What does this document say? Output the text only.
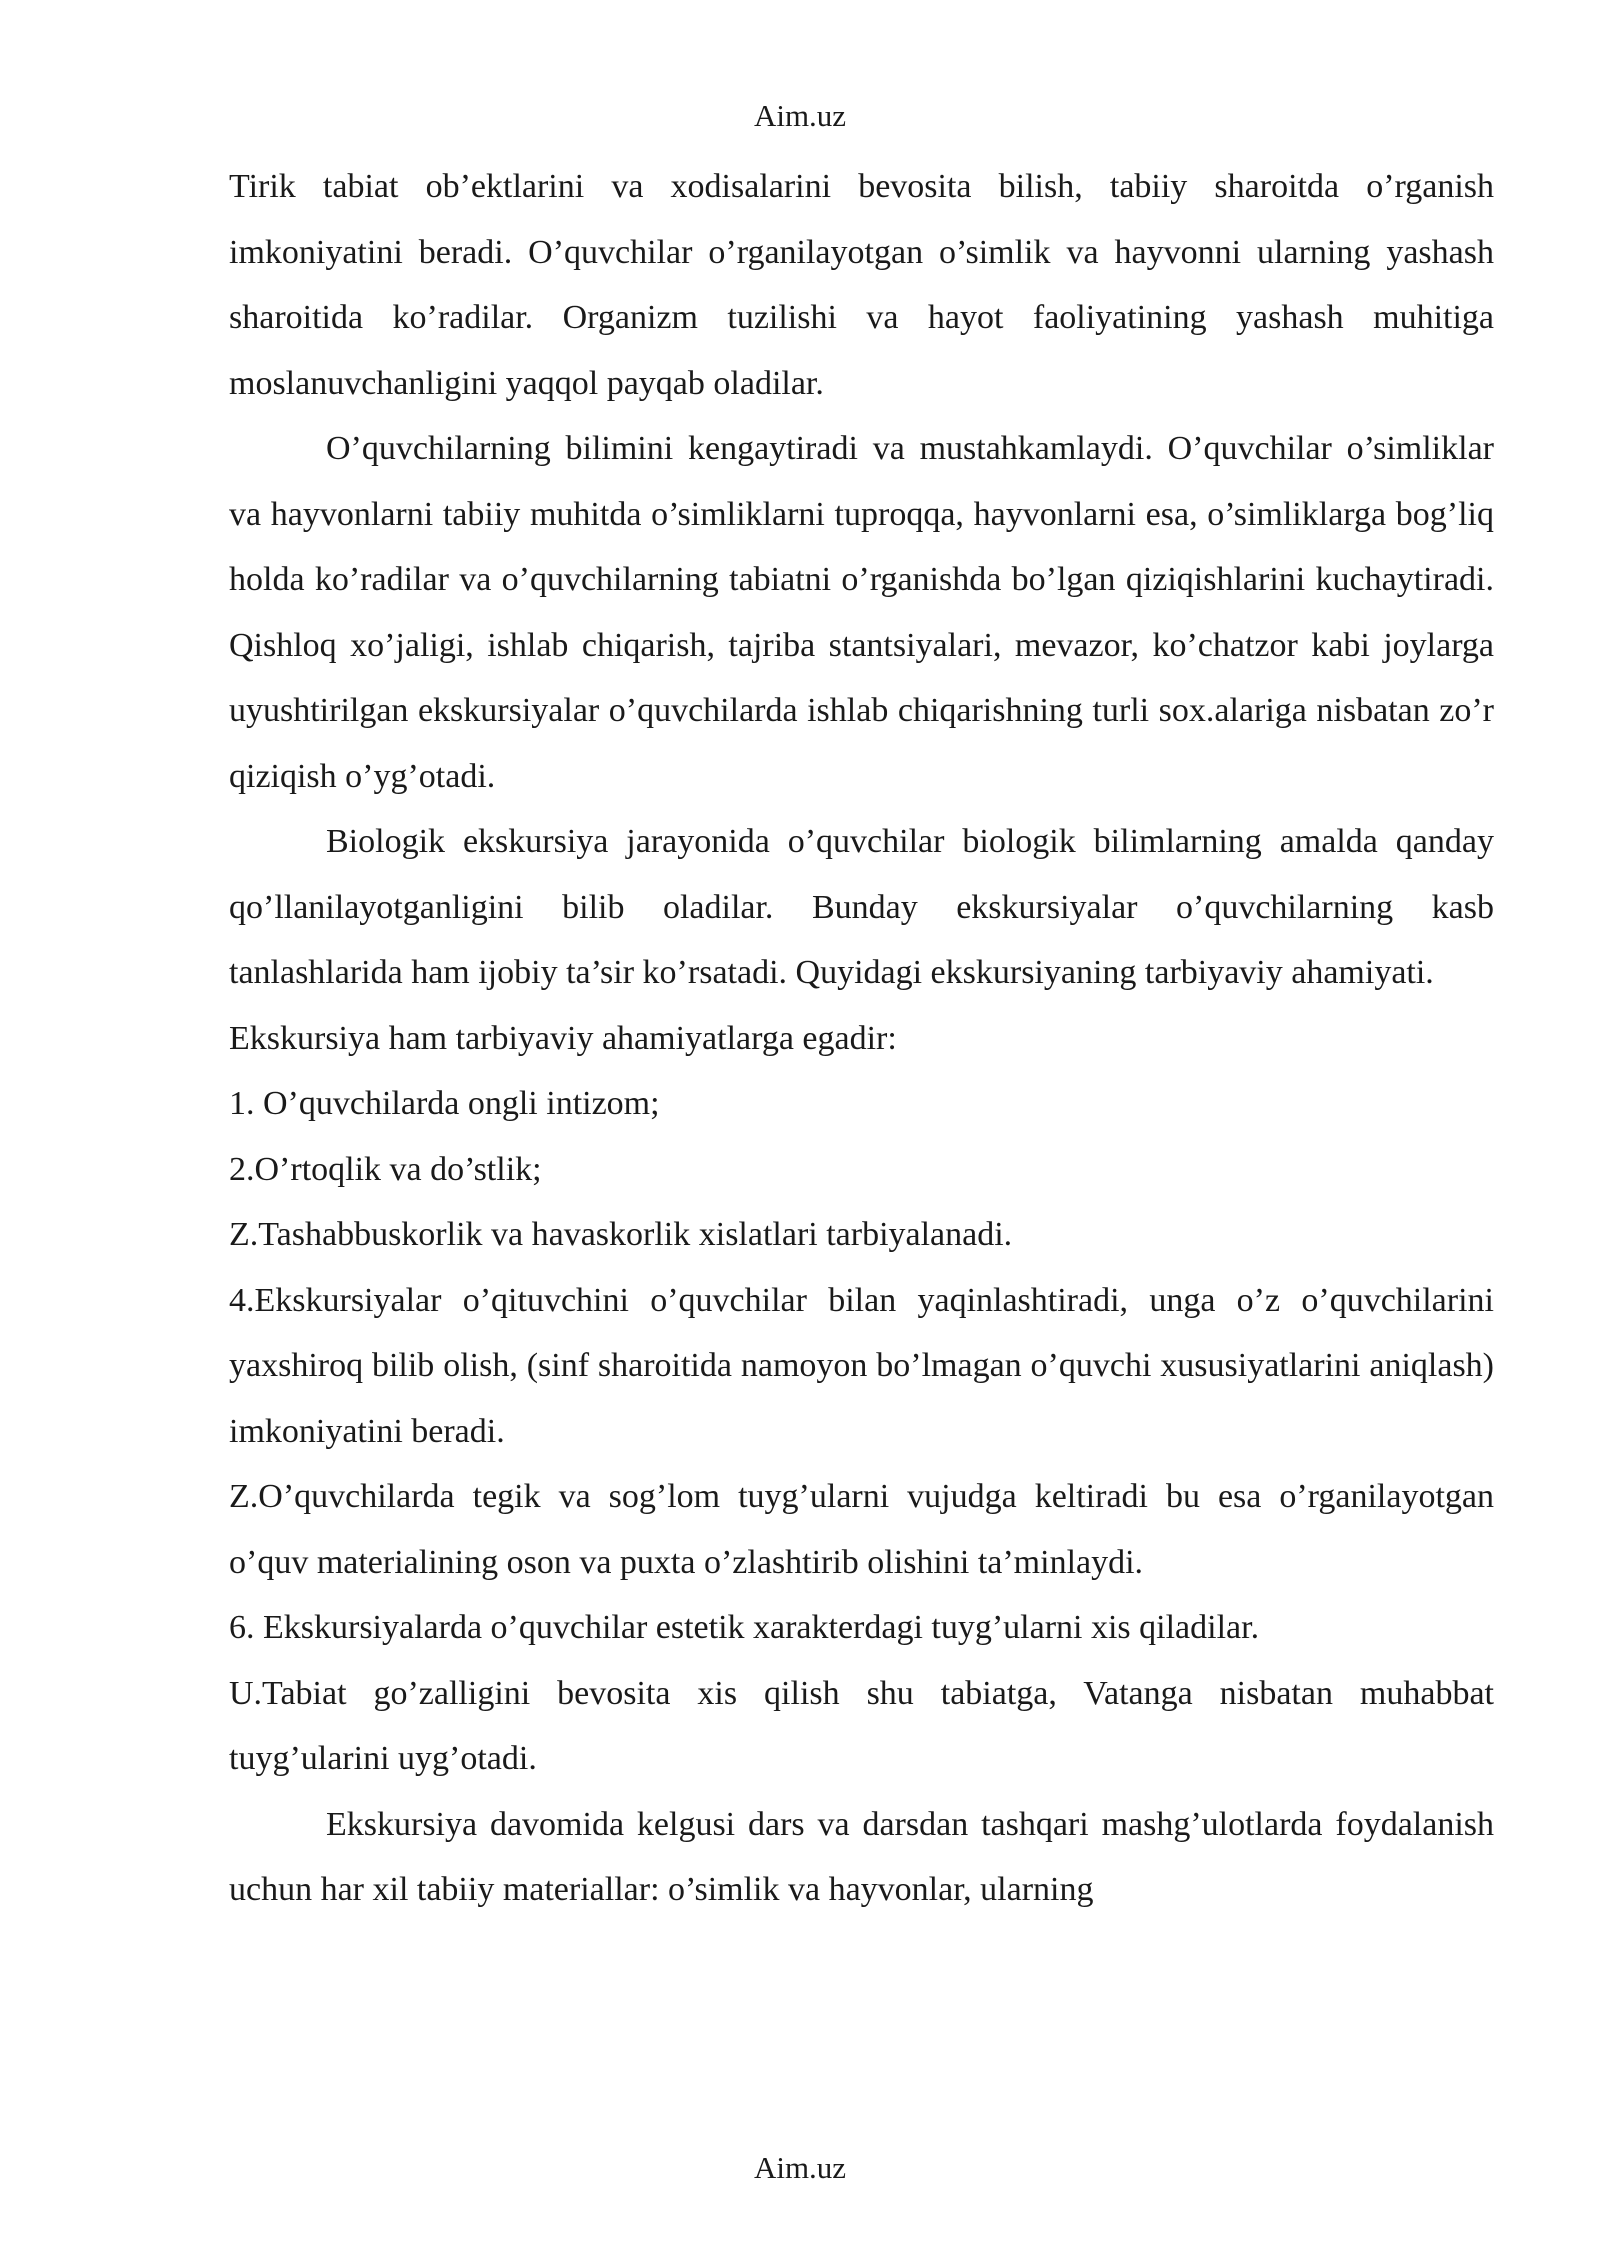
Aim.uz

Tirik tabiat ob’ektlarini va xodisalarini bevosita bilish, tabiiy sharoitda o’rganish imkoniyatini beradi. O’quvchilar o’rganilayotgan o’simlik va hayvonni ularning yashash sharoitida ko’radilar. Organizm tuzilishi va hayot faoliyatining yashash muhitiga moslanuvchanligini yaqqol payqab oladilar.

O’quvchilarning bilimini kengaytiradi va mustahkamlaydi. O’quvchilar o’simliklar va hayvonlarni tabiiy muhitda o’simliklarni tuproqqa, hayvonlarni esa, o’simliklarga bog’liq holda ko’radilar va o’quvchilarning tabiatni o’rganishda bo’lgan qiziqishlarini kuchaytiradi. Qishloq xo’jaligi, ishlab chiqarish, tajriba stantsiyalari, mevazor, ko’chatzor kabi joylarga uyushtirilgan ekskursiyalar o’quvchilarda ishlab chiqarishning turli sox.alariga nisbatan zo’r qiziqish o’yg’otadi.

Biologik ekskursiya jarayonida o’quvchilar biologik bilimlarning amalda qanday qo’llanilayotganligini bilib oladilar. Bunday ekskursiyalar o’quvchilarning kasb tanlashlarida ham ijobiy ta’sir ko’rsatadi. Quyidagi ekskursiyaning tarbiyaviy ahamiyati.

Ekskursiya ham tarbiyaviy ahamiyatlarga egadir:

1. O’quvchilarda ongli intizom;

2.O’rtoqlik va do’stlik;

Z.Tashabbuskorlik va havaskorlik xislatlari tarbiyalanadi.

4.Ekskursiyalar o’qituvchini o’quvchilar bilan yaqinlashtiradi, unga o’z o’quvchilarini yaxshiroq bilib olish, (sinf sharoitida namoyon bo’lmagan o’quvchi xususiyatlarini aniqlash) imkoniyatini beradi.

Z.O’quvchilarda tegik va sog’lom tuyg’ularni vujudga keltiradi bu esa o’rganilayotgan o’quv materialining oson va puxta o’zlashtirib olishini ta’minlaydi.

6. Ekskursiyalarda o’quvchilar estetik xarakterdagi tuyg’ularni xis qiladilar.

U.Tabiat go’zalligini bevosita xis qilish shu tabiatga, Vatanga nisbatan muhabbat tuyg’ularini uyg’otadi.

Ekskursiya davomida kelgusi dars va darsdan tashqari mashg’ulotlarda foydalanish uchun har xil tabiiy materiallar: o’simlik va hayvonlar, ularning

Aim.uz
